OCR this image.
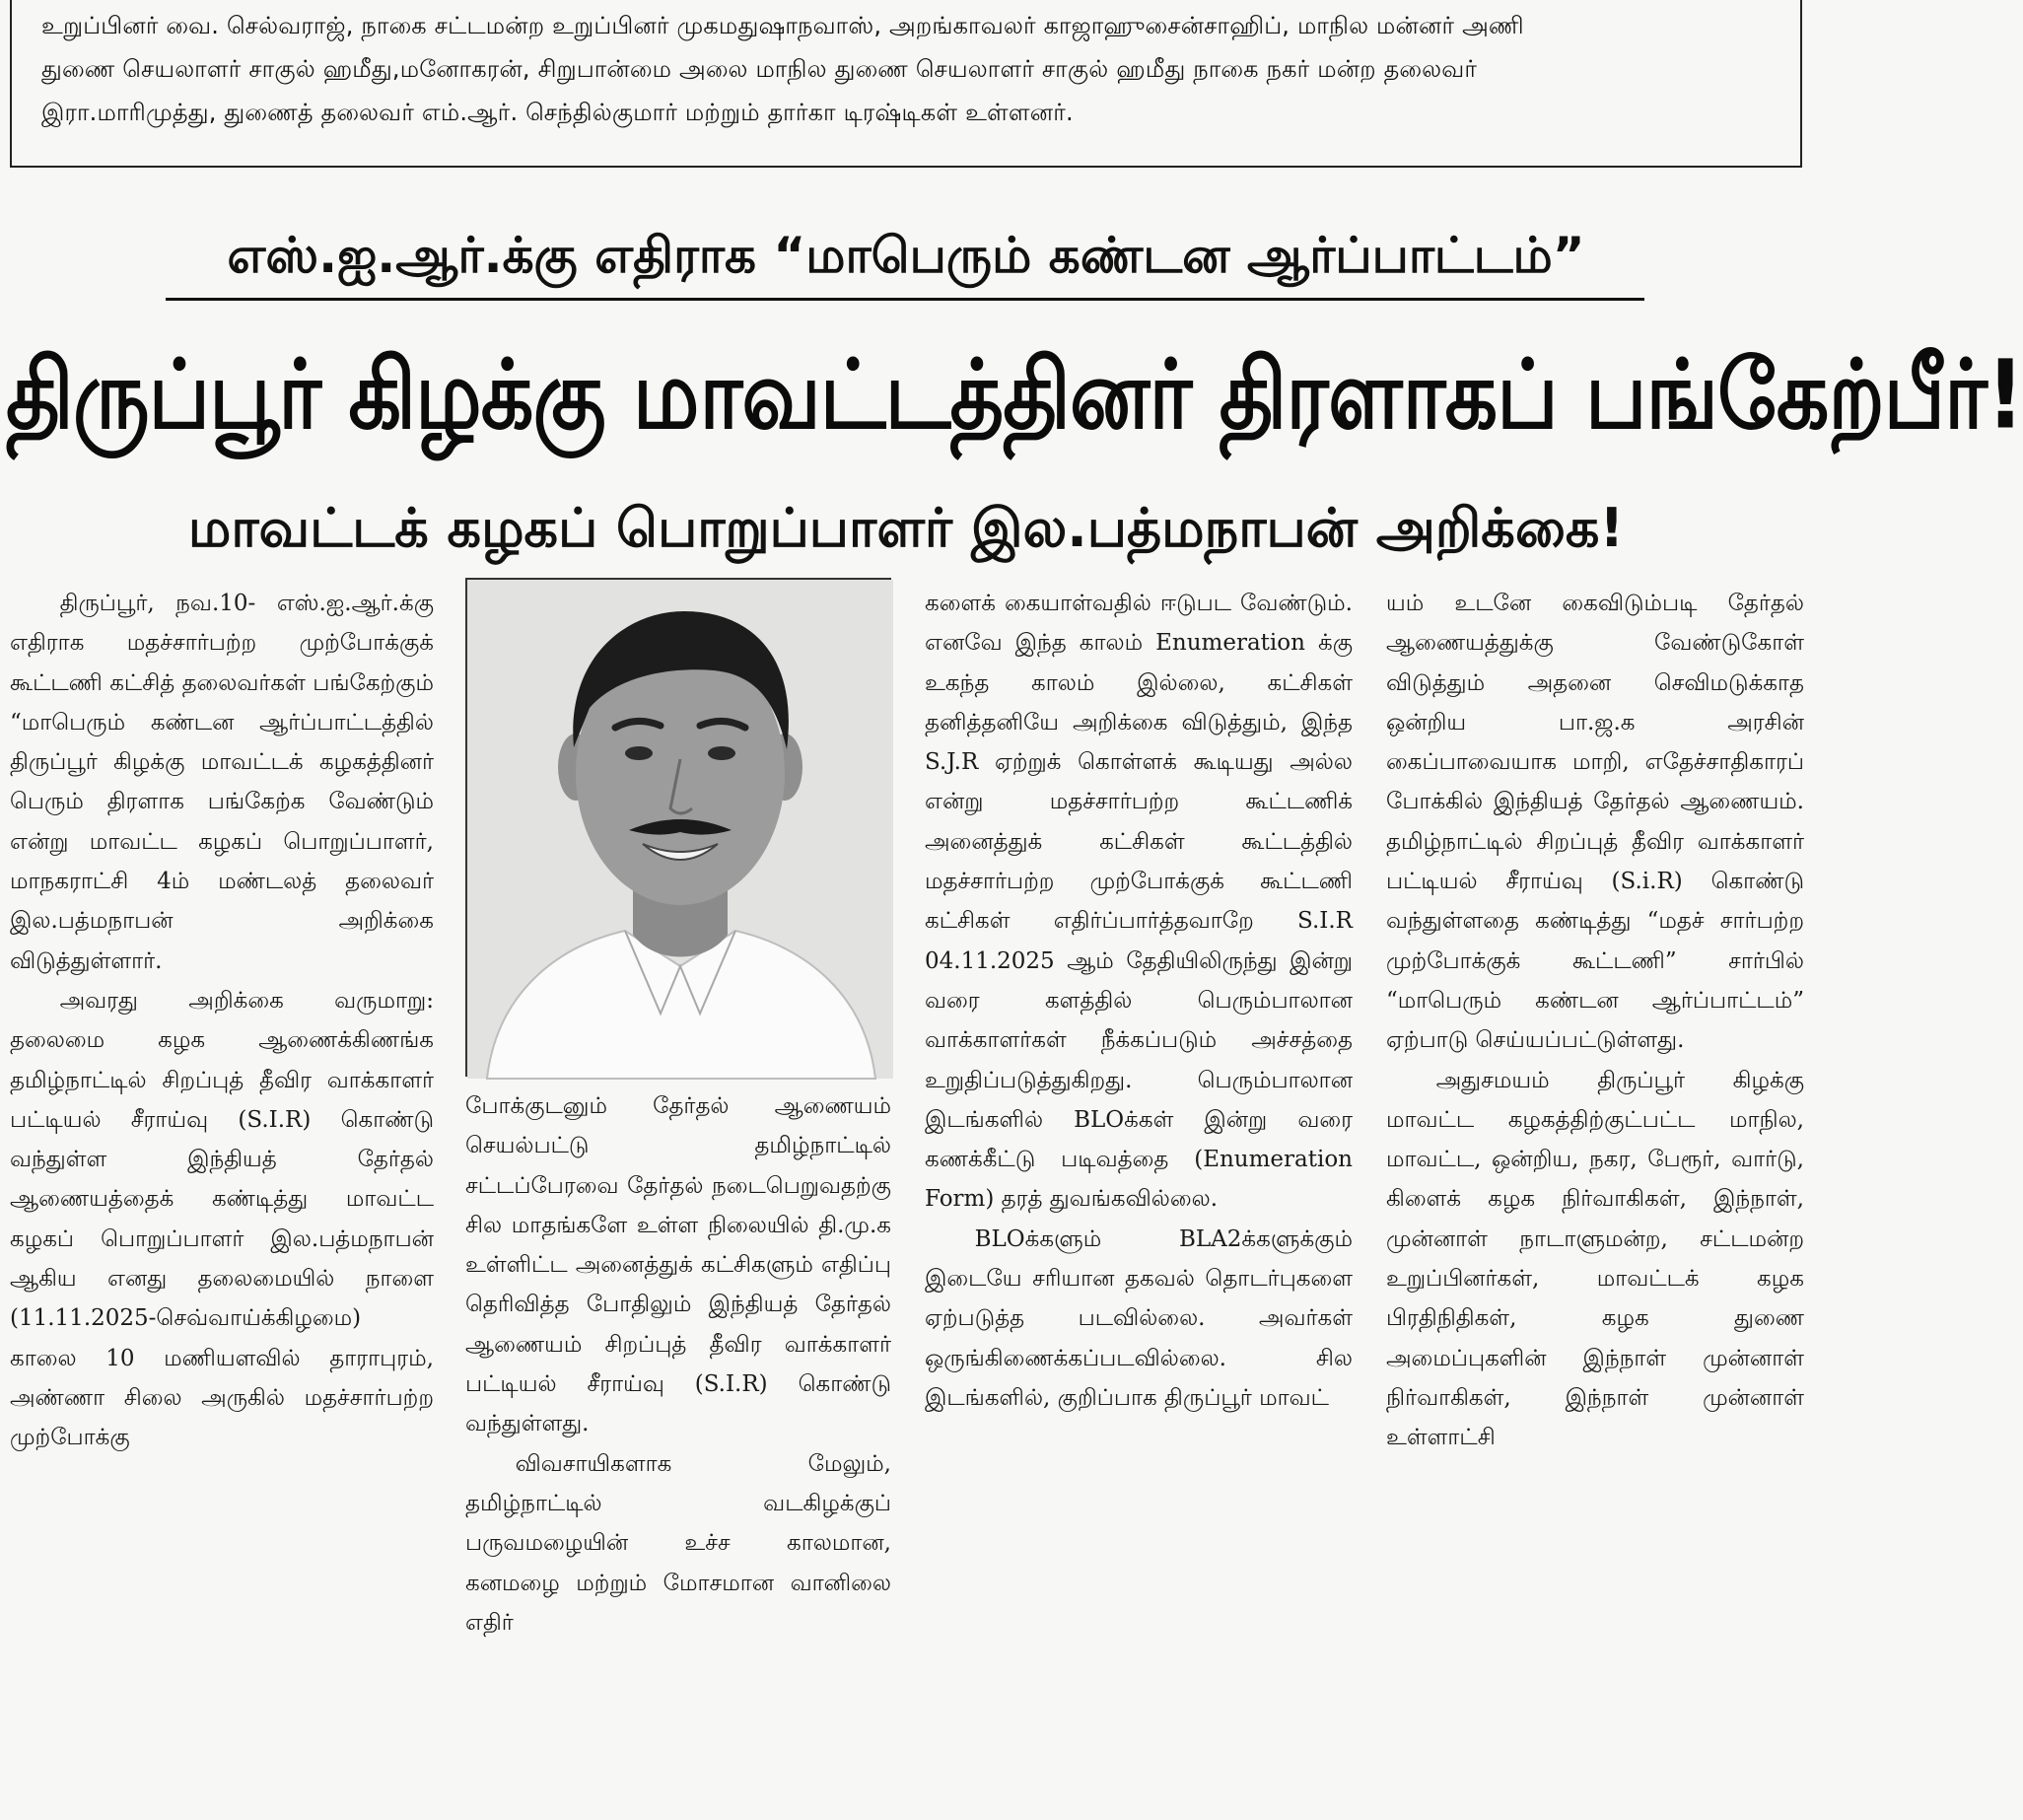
உறுப்பினர் வை. செல்வராஜ், நாகை சட்டமன்ற உறுப்பினர் முகமதுஷாநவாஸ், அறங்காவலர் காஜாஹுசைன்சாஹிப், மாநில மன்னர் அணி

துணை செயலாளர் சாகுல் ஹமீது,மனோகரன், சிறுபான்மை அலை மாநில துணை செயலாளர் சாகுல் ஹமீது நாகை நகர் மன்ற தலைவர்

இரா.மாரிமுத்து, துணைத் தலைவர் எம்.ஆர். செந்தில்குமார் மற்றும் தார்கா டிரஷ்டிகள் உள்ளனர்.

எஸ்.ஐ.ஆர்.க்கு எதிராக “மாபெரும் கண்டன ஆர்ப்பாட்டம்”
திருப்பூர் கிழக்கு மாவட்டத்தினர் திரளாகப் பங்கேற்பீர்!
மாவட்டக் கழகப் பொறுப்பாளர் இல.பத்மநாபன் அறிக்கை!

திருப்பூர், நவ.10- எஸ்.ஐ.ஆர்.க்கு எதிராக மதச்சார்பற்ற முற்போக்குக் கூட்டணி கட்சித் தலைவர்கள் பங்கேற்கும் “மாபெரும் கண்டன ஆர்ப்பாட்டத்தில் திருப்பூர் கிழக்கு மாவட்டக் கழகத்தினர் பெரும் திரளாக பங்கேற்க வேண்டும் என்று மாவட்ட கழகப் பொறுப்பாளர், மாநகராட்சி 4ம் மண்டலத் தலைவர் இல.பத்மநாபன் அறிக்கை விடுத்துள்ளார்.

அவரது அறிக்கை வருமாறு: தலைமை கழக ஆணைக்கிணங்க தமிழ்நாட்டில் சிறப்புத் தீவிர வாக்காளர் பட்டியல் சீராய்வு (S.I.R) கொண்டு வந்துள்ள இந்தியத் தேர்தல் ஆணையத்தைக் கண்டித்து மாவட்ட கழகப் பொறுப்பாளர் இல.பத்மநாபன் ஆகிய எனது தலைமையில் நாளை (11.11.2025-செவ்வாய்க்கிழமை) காலை 10 மணியளவில் தாராபுரம், அண்ணா சிலை அருகில் மதச்சார்பற்ற முற்போக்கு

போக்குடனும் தேர்தல் ஆணையம் செயல்பட்டு தமிழ்நாட்டில் சட்டப்பேரவை தேர்தல் நடைபெறுவதற்கு சில மாதங்களே உள்ள நிலையில் தி.மு.க உள்ளிட்ட அனைத்துக் கட்சிகளும் எதிப்பு தெரிவித்த போதிலும் இந்தியத் தேர்தல் ஆணையம் சிறப்புத் தீவிர வாக்காளர் பட்டியல் சீராய்வு (S.I.R) கொண்டு வந்துள்ளது.

விவசாயிகளாக மேலும், தமிழ்நாட்டில் வடகிழக்குப் பருவமழையின் உச்ச காலமான, கனமழை மற்றும் மோசமான வானிலை எதிர்

களைக் கையாள்வதில் ஈடுபட வேண்டும். எனவே இந்த காலம் Enumeration க்கு உகந்த காலம் இல்லை, கட்சிகள் தனித்தனியே அறிக்கை விடுத்தும், இந்த S.J.R ஏற்றுக் கொள்ளக் கூடியது அல்ல என்று மதச்சார்பற்ற கூட்டணிக் அனைத்துக் கட்சிகள் கூட்டத்தில் மதச்சார்பற்ற முற்போக்குக் கூட்டணி கட்சிகள் எதிர்ப்பார்த்தவாறே S.I.R 04.11.2025 ஆம் தேதியிலிருந்து இன்று வரை களத்தில் பெரும்பாலான வாக்காளர்கள் நீக்கப்படும் அச்சத்தை உறுதிப்படுத்துகிறது. பெரும்பாலான இடங்களில் BLOக்கள் இன்று வரை கணக்கீட்டு படிவத்தை (Enumeration Form) தரத் துவங்கவில்லை.

BLOக்களும் BLA2க்களுக்கும் இடையே சரியான தகவல் தொடர்புகளை ஏற்படுத்த படவில்லை. அவர்கள் ஒருங்கிணைக்கப்படவில்லை. சில இடங்களில், குறிப்பாக திருப்பூர் மாவட்

யம் உடனே கைவிடும்படி தேர்தல் ஆணையத்துக்கு வேண்டுகோள் விடுத்தும் அதனை செவிமடுக்காத ஒன்றிய பா.ஜ.க அரசின் கைப்பாவையாக மாறி, எதேச்சாதிகாரப் போக்கில் இந்தியத் தேர்தல் ஆணையம். தமிழ்நாட்டில் சிறப்புத் தீவிர வாக்காளர் பட்டியல் சீராய்வு (S.i.R) கொண்டு வந்துள்ளதை கண்டித்து “மதச் சார்பற்ற முற்போக்குக் கூட்டணி” சார்பில் “மாபெரும் கண்டன ஆர்ப்பாட்டம்” ஏற்பாடு செய்யப்பட்டுள்ளது.

அதுசமயம் திருப்பூர் கிழக்கு மாவட்ட கழகத்திற்குட்பட்ட மாநில, மாவட்ட, ஒன்றிய, நகர, பேரூர், வார்டு, கிளைக் கழக நிர்வாகிகள், இந்நாள், முன்னாள் நாடாளுமன்ற, சட்டமன்ற உறுப்பினர்கள், மாவட்டக் கழக பிரதிநிதிகள், கழக துணை அமைப்புகளின் இந்நாள் முன்னாள் நிர்வாகிகள், இந்நாள் முன்னாள் உள்ளாட்சி
